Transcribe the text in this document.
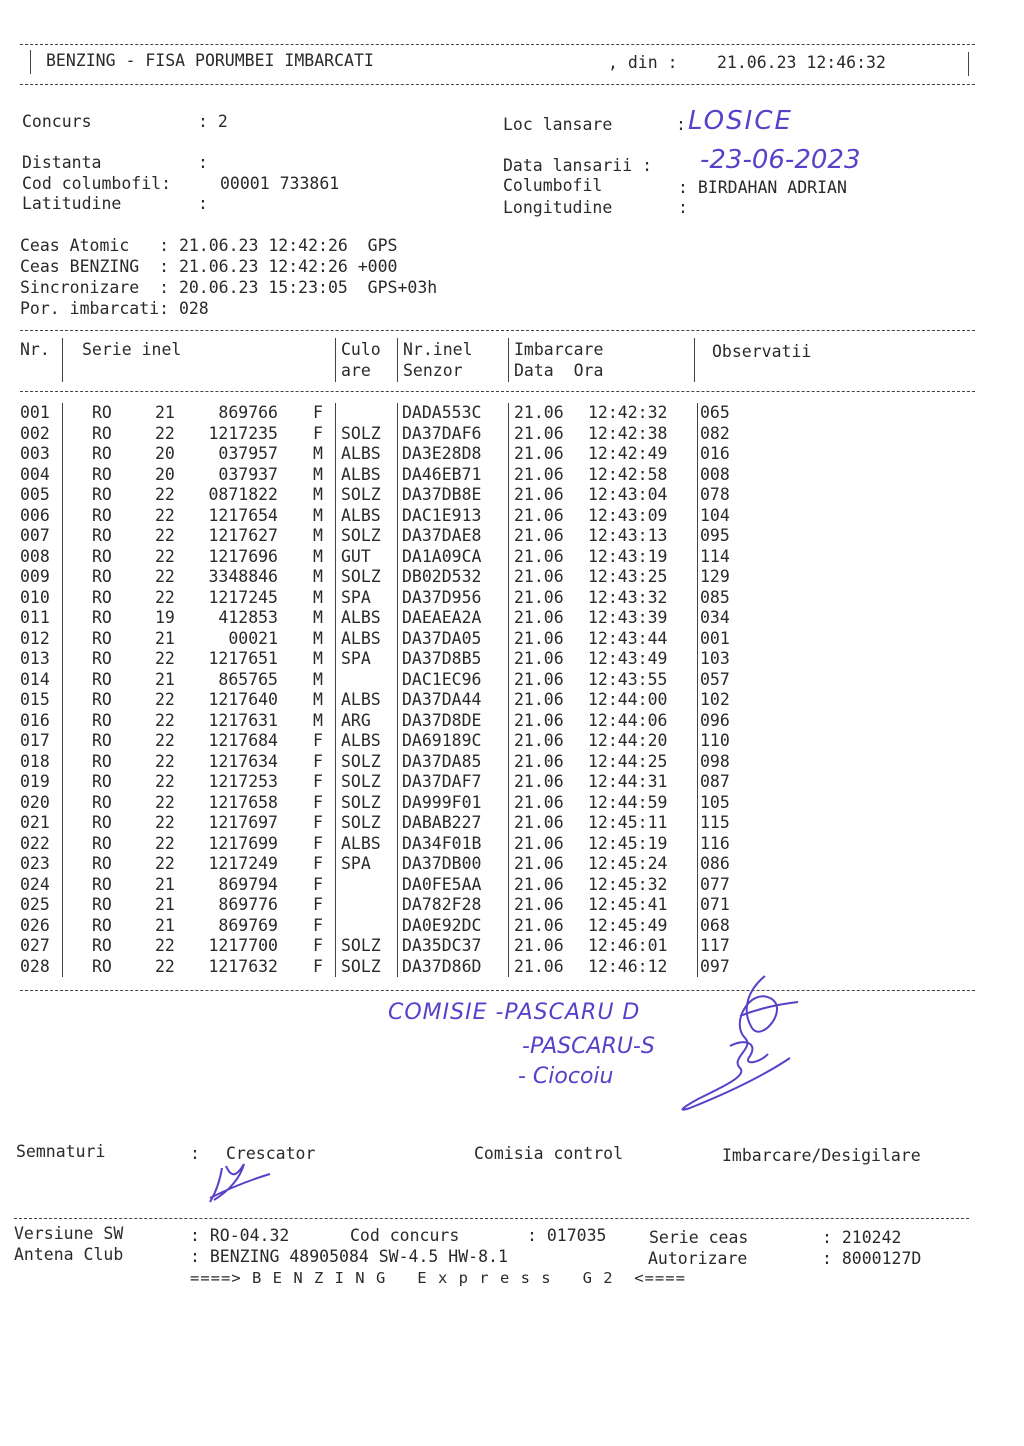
BENZING - FISA PORUMBEI IMBARCATI	, din : 21.06.23 12:46:32
Concurs	: 2	Loc lansare	: LOSICE
Distanta	:	Data lansarii : -23-06-2023
Cod columbofil:	00001 733861	Columbofil	: BIRDAHAN ADRIAN
Latitudine	:	Longitudine	:
Ceas Atomic   : 21.06.23 12:42:26  GPS
Ceas BENZING  : 21.06.23 12:42:26 +000
Sincronizare  : 20.06.23 15:23:05  GPS+03h
Por. imbarcati: 028
Nr. Serie inel	Culo
are
Nr.inel
Senzor
Imbarcare
Data  Ora
Observatii
001	RO	21	869766 F	DADA553C 21.06 12:42:32 065
002	RO	22	1217235 F SOLZ DA37DAF6 21.06 12:42:38 082
003	RO	20	037957 M ALBS DA3E28D8 21.06 12:42:49 016
004	RO	20	037937 M ALBS DA46EB71 21.06 12:42:58 008
005	RO	22	0871822 M SOLZ DA37DB8E 21.06 12:43:04 078
006	RO	22	1217654 M ALBS DAC1E913 21.06 12:43:09 104
007	RO	22	1217627 M SOLZ DA37DAE8 21.06 12:43:13 095
008	RO	22	1217696 M GUT DA1A09CA 21.06 12:43:19 114
009	RO	22	3348846 M SOLZ DB02D532 21.06 12:43:25 129
010	RO	22	1217245 M SPA DA37D956 21.06 12:43:32 085
011	RO	19	412853 M ALBS DAEAEA2A 21.06 12:43:39 034
012	RO	21	00021 M ALBS DA37DA05 21.06 12:43:44 001
013	RO	22	1217651 M SPA DA37D8B5 21.06 12:43:49 103
014	RO	21	865765 M	DAC1EC96 21.06 12:43:55 057
015	RO	22	1217640 M ALBS DA37DA44 21.06 12:44:00 102
016	RO	22	1217631 M ARG DA37D8DE 21.06 12:44:06 096
017	RO	22	1217684 F ALBS DA69189C 21.06 12:44:20 110
018	RO	22	1217634 F SOLZ DA37DA85 21.06 12:44:25 098
019	RO	22	1217253 F SOLZ DA37DAF7 21.06 12:44:31 087
020	RO	22	1217658 F SOLZ DA999F01 21.06 12:44:59 105
021	RO	22	1217697 F SOLZ DABAB227 21.06 12:45:11 115
022	RO	22	1217699 F ALBS DA34F01B 21.06 12:45:19 116
023	RO	22	1217249 F SPA DA37DB00 21.06 12:45:24 086
024	RO	21	869794 F	DA0FE5AA 21.06 12:45:32 077
025	RO	21	869776 F	DA782F28 21.06 12:45:41 071
026	RO	21	869769 F	DA0E92DC 21.06 12:45:49 068
027	RO	22	1217700 F SOLZ DA35DC37 21.06 12:46:01 117
028	RO	22	1217632 F SOLZ DA37D86D 21.06 12:46:12 097
COMISIE -PASCARU D
-PASCARU-S
- Ciocoiu
Semnaturi	: Crescator	Comisia control	Imbarcare/Desigilare
Versiune SW	: RO-04.32	Cod concurs	: 017035	Serie ceas	: 210242
Antena Club	: BENZING 48905084 SW-4.5 HW-8.1	Autorizare	: 8000127D
====> B E N Z I N G   E x p r e s s   G 2  <====
